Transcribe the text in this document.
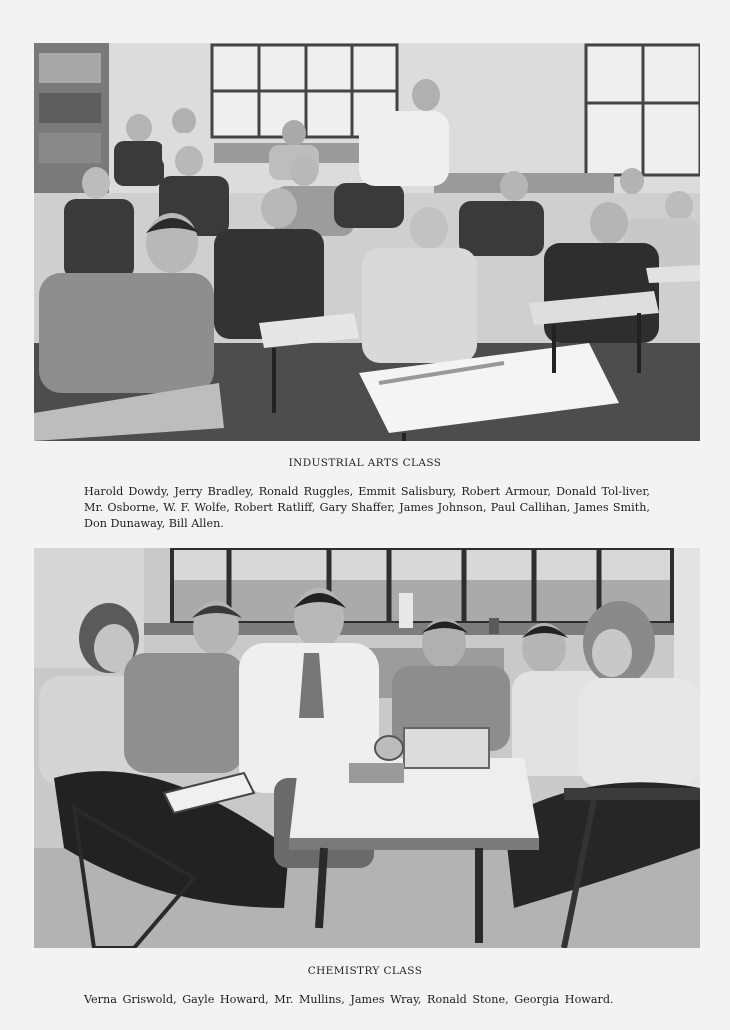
INDUSTRIAL ARTS CLASS
Harold Dowdy, Jerry Bradley, Ronald Ruggles, Emmit Salisbury, Robert Armour, Donald Tol-liver, Mr. Osborne, W. F. Wolfe, Robert Ratliff, Gary Shaffer, James Johnson, Paul Callihan, James Smith, Don Dunaway, Bill Allen.
CHEMISTRY CLASS
Verna Griswold, Gayle Howard, Mr. Mullins, James Wray, Ronald Stone, Georgia Howard.
